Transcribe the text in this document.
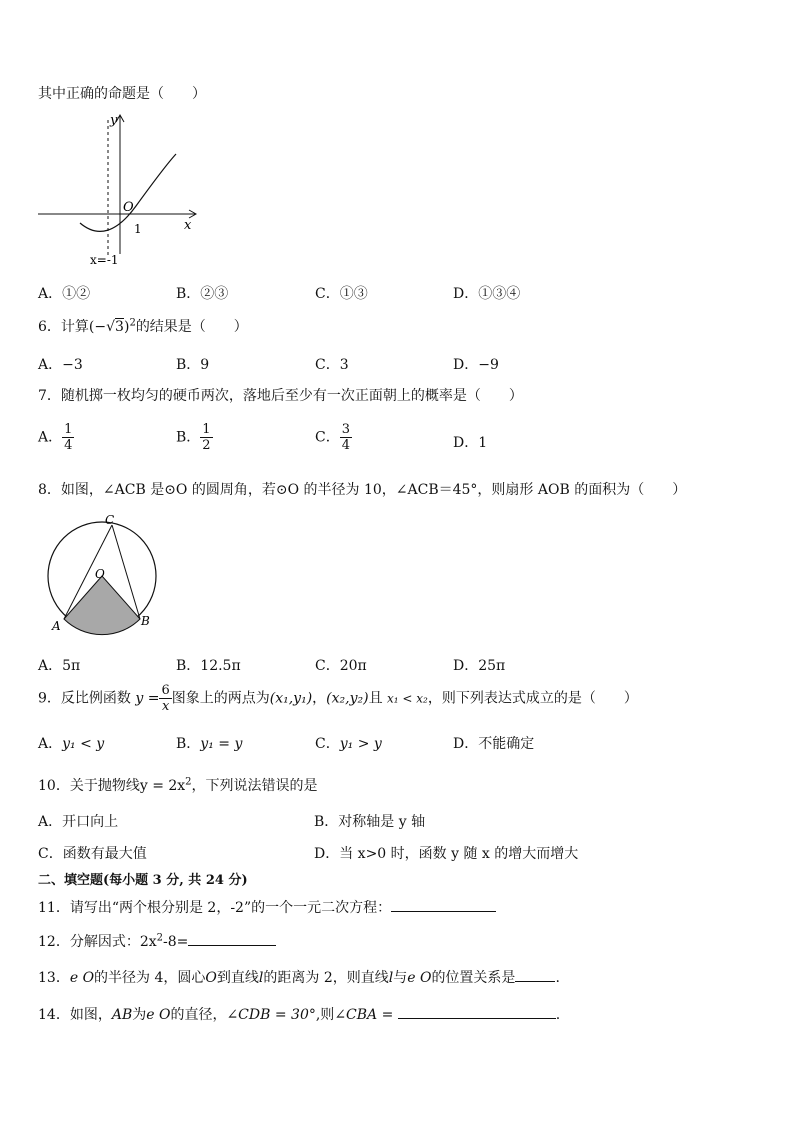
其中正确的命题是（　　）
y
O
x
1
x=-1
A．①②	B．②③	C．①③	D．①③④
6．计算$(-√3)^2$的结果是（　　）
A．−3	B．9	C．3	D．−9
7．随机掷一枚均匀的硬币两次，落地后至少有一次正面朝上的概率是（　　）
A． $\frac{1}{4}$	B． $\frac{1}{2}$	C． $\frac{3}{4}$	D．1
8．如图，∠ACB 是⊙O 的圆周角，若⊙O 的半径为 10，∠ACB＝45°，则扇形 AOB 的面积为（　　）
C
O
A	B
A．5π	B．12.5π	C．20π	D．25π
9．反比例函数 $y = \frac{6}{x}$ 图象上的两点为(x₁,y₁)，(x₂,y₂)且 x₁ < x₂，则下列表达式成立的是（　　）
A．y₁ < y	B．y₁ = y	C．y₁ > y	D．不能确定
10．关于抛物线$y = 2x^2$，下列说法错误的是
A．开口向上	B．对称轴是 y 轴
C．函数有最大值	D．当 x>0 时，函数 y 随 x 的增大而增大
二、填空题(每小题 3 分, 共 24 分)
11．请写出“两个根分别是 2，-2”的一个一元二次方程：
12．分解因式：$2x^2-8=$
13．e O的半径为 4，圆心O到直线l的距离为 2，则直线l与e O的位置关系是	.
14．如图，AB为e O的直径，∠CDB = 30°,则∠CBA =	.
